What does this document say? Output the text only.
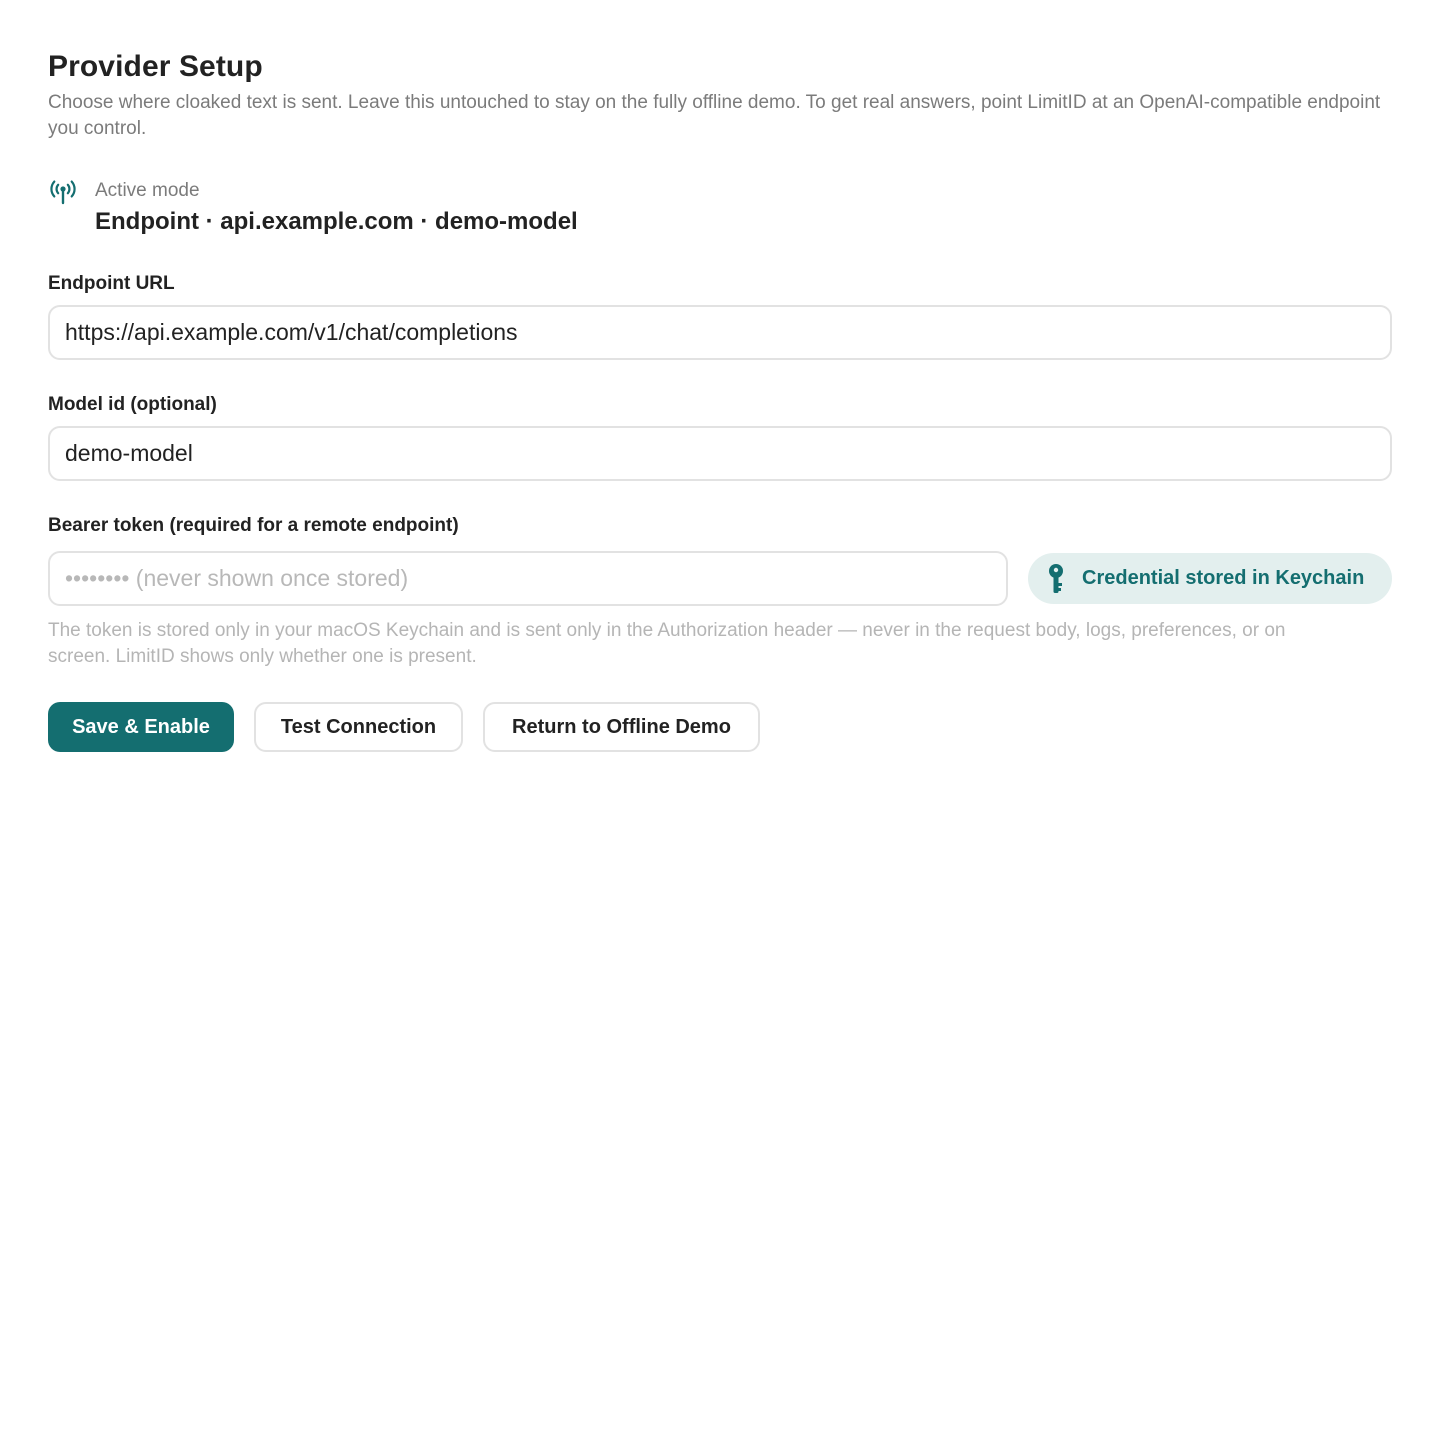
Provider Setup
Choose where cloaked text is sent. Leave this untouched to stay on the fully offline demo. To get real answers, point LimitID at an OpenAI-compatible endpoint you control.
Active mode
Endpoint · api.example.com · demo-model
Endpoint URL
https://api.example.com/v1/chat/completions
Model id (optional)
demo-model
Bearer token (required for a remote endpoint)
Credential stored in Keychain
The token is stored only in your macOS Keychain and is sent only in the Authorization header — never in the request body, logs, preferences, or on screen. LimitID shows only whether one is present.
Save & Enable	Test Connection	Return to Offline Demo
